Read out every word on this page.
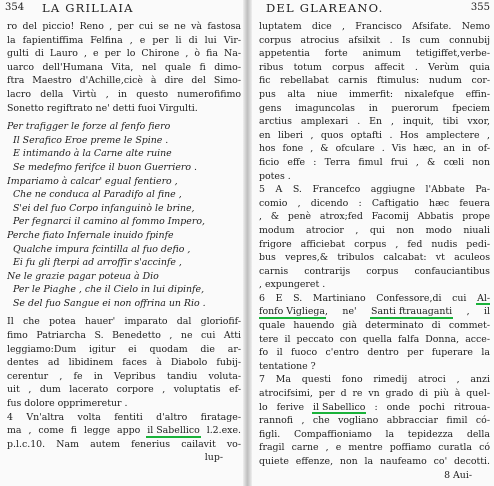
354 LA GRILLAIA
ro del piccio! Reno , per cui se ne và fastosa
la fapientiffima Felfina , e per li di lui Vir-
gulti di Lauro , e per lo Chirone , ò fia Na-
uarco dell'Humana Vita, nel quale fi dimo-
ftra Maestro d'Achille,cicè à dire del Simo-
lacro della Virtù , in questo numerofifimo
Sonetto regiftrato ne' detti fuoi Virgulti.
Per trafigger le forze al fenfo fiero
Il Serafico Eroe preme le Spine .
E intimando à la Carne alte ruine
Se medefmo ferifce il buon Guerriero .
Impariamo à calcar' egual fentiero ,
Che ne conduca al Paradifo al fine ,
S'ei del fuo Corpo infanguinò le brine,
Per fegnarci il camino al fommo Impero,
Perche fiato Infernale inuido fpinfe
Qualche impura fcintilla al fuo defio ,
Ei fu gli fterpi ad arroffir s'accinfe ,
Ne le grazie pagar poteua à Dio
Per le Piaghe , che il Cielo in lui dipinfe,
Se del fuo Sangue ei non offrina un Rio .
Il che potea hauer' imparato dal gloriofif-
fimo Patriarcha S. Benedetto , ne cui Atti
leggiamo:Dum igitur ei quodam die ar-
dentes ad libidinem faces à Diabolo fubij-
cerentur , fe in Vepribus tandiu voluta-
uit , dum lacerato corpore , voluptatis ef-
fus dolore opprimeretur .
4 Vn'altra volta fentiti d'altro firatage-
ma , come fi legge appo il Sabellico l.2.exe.
p.l.c.10. Nam autem fenerius cailavit vo-
lup-
DEL GLAREANO.	355
luptatem dice , Francisco Afsifate. Nemo
corpus atrocius afsilxit . Is cum connubij
appetentia forte animum tetigiffet,verbe-
ribus totum corpus affecit . Verùm quia
fic rebellabat carnis ftimulus: nudum cor-
pus alta niue immerfit: nixalefque effin-
gens imaguncolas in puerorum fpeciem
arctius amplexari . En , inquit, tibi vxor,
en liberi , quos optafti . Hos amplectere ,
hos fone , & ofculare . Vis hæc, an in of-
ficio effe : Terra fimul frui , & cœli non
potes .
5 A S. Francefco aggiugne l'Abbate Pa-
comio , dicendo : Caftigatio hæc feuera
, & penè atrox;fed Facomij Abbatis prope
modum atrocior , qui non modo niuali
frigore afficiebat corpus , fed nudis pedi-
bus vepres,& tribulos calcabat: vt aculeos
carnis contrarijs corpus confauciantibus
, expungeret .
6 E S. Martiniano Confessore,di cui Al-
fonfo Vigliega, ne' Santi ftrauaganti , il
quale hauendo già determinato di commet-
tere il peccato con quella falfa Donna, acce-
fo il fuoco c'entro dentro per fuperare la
tentatione ?
7 Ma questi fono rimedij atroci , anzi
atrocifsimi, per d re vn grado di più à quel-
lo ferive il Sabellico : onde pochi ritroua-
rannofi , che vogliano abbracciar fimil có-
figli. Compaffioniamo la tepidezza della
fragil carne , e mentre poffiamo curatla có
quiete effenze, non la naufeamo co' decotti.
8 Aui-
